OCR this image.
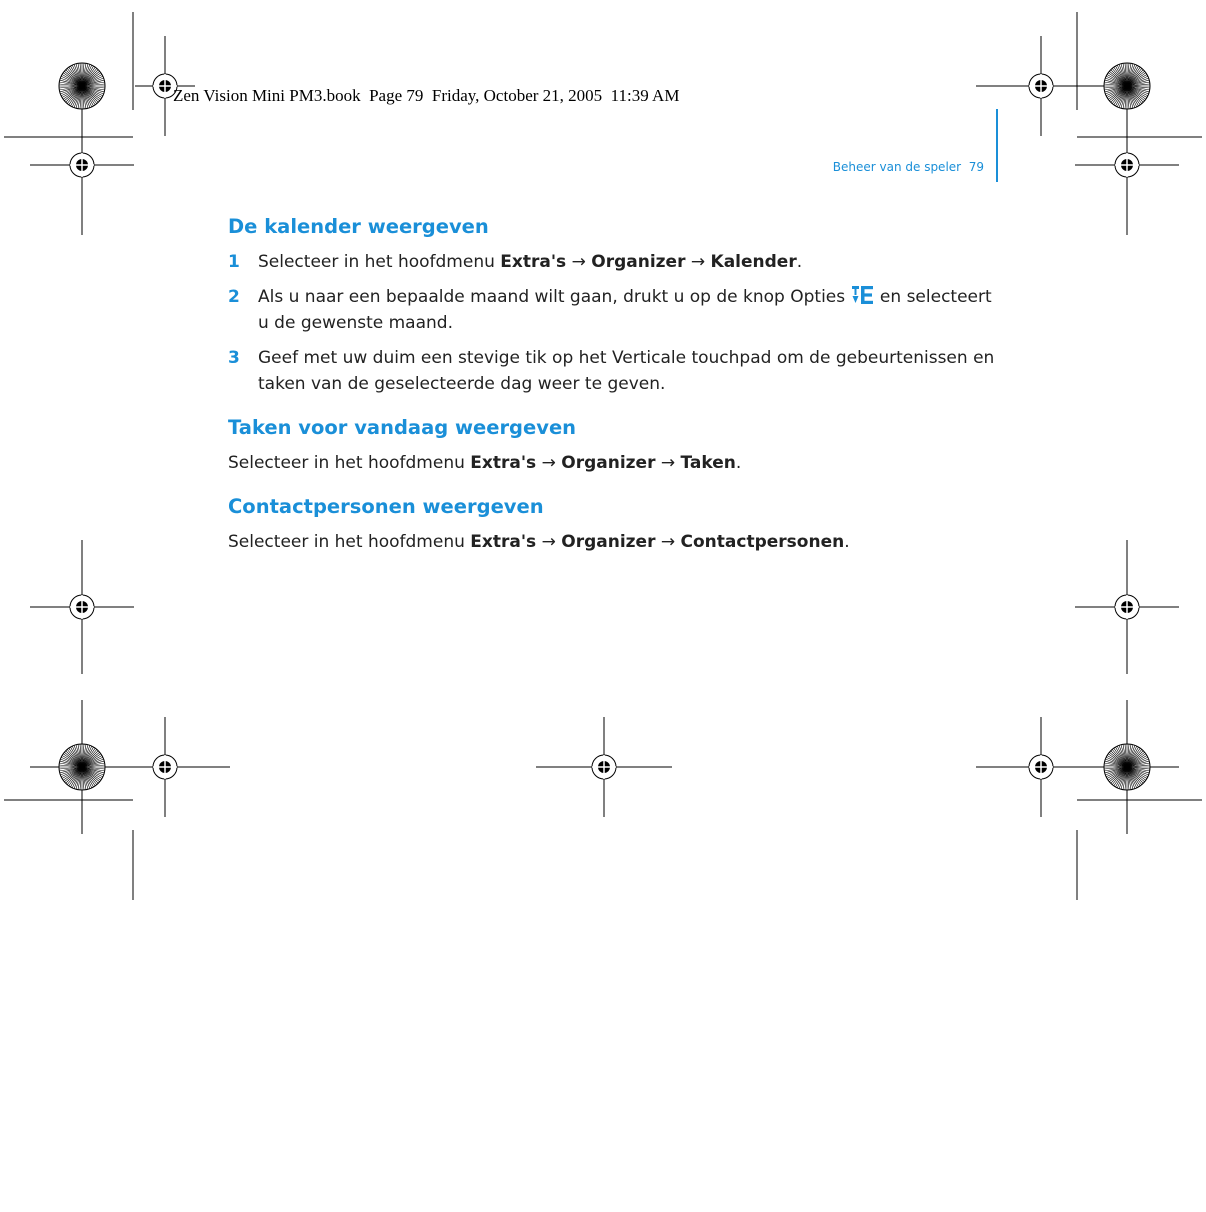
Zen Vision Mini PM3.book  Page 79  Friday, October 21, 2005  11:39 AM
Beheer van de speler  79
De kalender weergeven
1 Selecteer in het hoofdmenu Extra's → Organizer → Kalender.
2 Als u naar een bepaalde maand wilt gaan, drukt u op de knop Opties  en selecteert u de gewenste maand.
3 Geef met uw duim een stevige tik op het Verticale touchpad om de gebeurtenissen en taken van de geselecteerde dag weer te geven.
Taken voor vandaag weergeven

Selecteer in het hoofdmenu Extra's → Organizer → Taken.

Contactpersonen weergeven

Selecteer in het hoofdmenu Extra's → Organizer → Contactpersonen.
